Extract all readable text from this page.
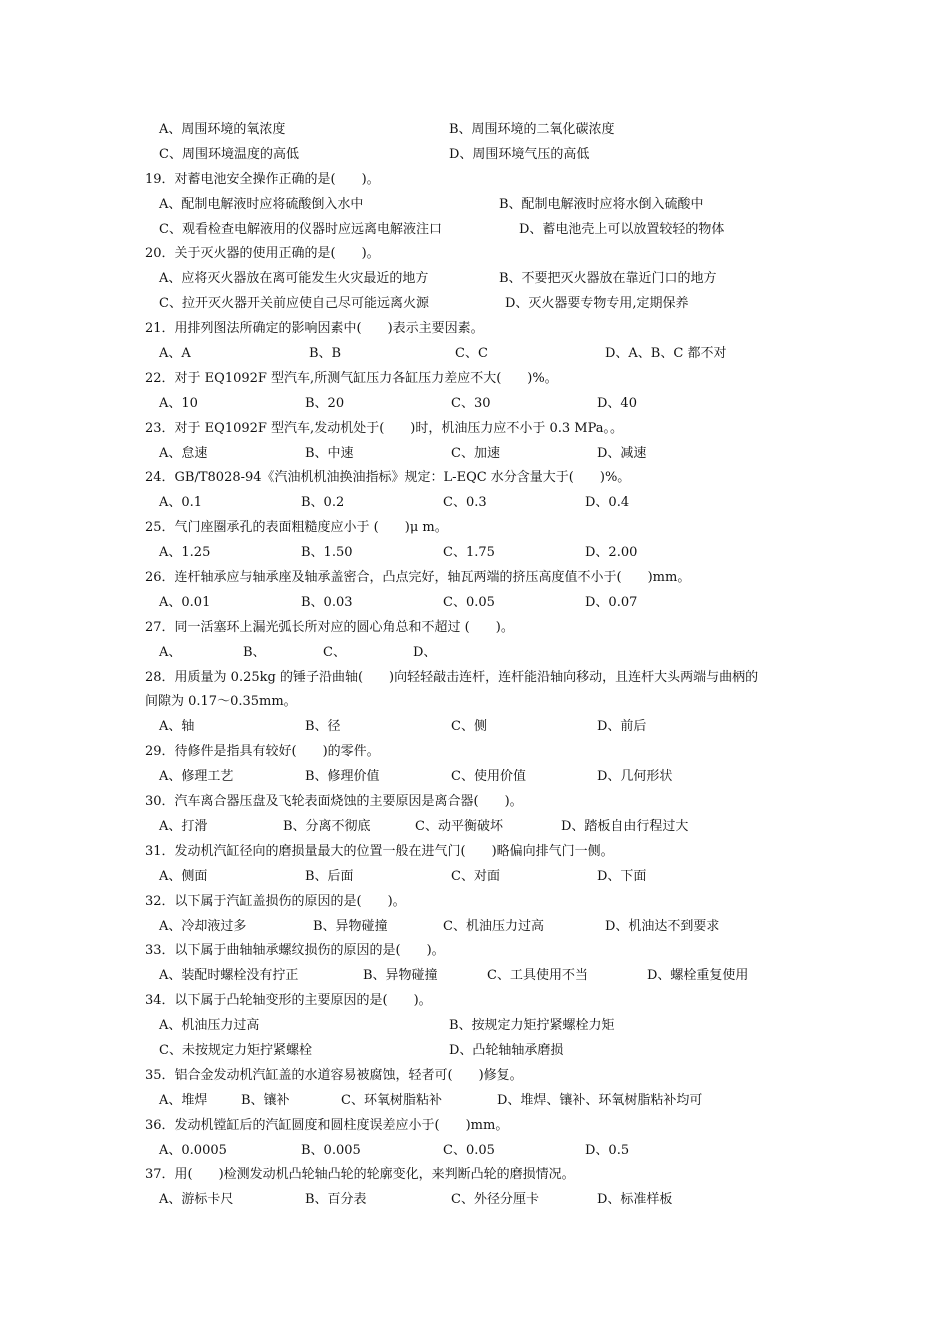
A、周围环境的氧浓度	B、周围环境的二氧化碳浓度
C、周围环境温度的高低	D、周围环境气压的高低
19．对蓄电池安全操作正确的是(　　)。
A、配制电解液时应将硫酸倒入水中	B、配制电解液时应将水倒入硫酸中
C、观看检查电解液用的仪器时应远离电解液注口	D、蓄电池壳上可以放置较轻的物体
20．关于灭火器的使用正确的是(　　)。
A、应将灭火器放在离可能发生火灾最近的地方	B、不要把灭火器放在靠近门口的地方
C、拉开灭火器开关前应使自己尽可能远离火源	D、灭火器要专物专用,定期保养
21．用排列图法所确定的影响因素中(　　)表示主要因素。
A、A	B、B	C、C	D、A、B、C 都不对
22．对于 EQ1092F 型汽车,所测气缸压力各缸压力差应不大(　　)%。
A、10	B、20	C、30	D、40
23．对于 EQ1092F 型汽车,发动机处于(　　)时，机油压力应不小于 0.3 MPa。。
A、怠速	B、中速	C、加速	D、减速
24．GB/T8028-94《汽油机机油换油指标》规定：L-EQC 水分含量大于(　　)%。
A、0.1	B、0.2	C、0.3	D、0.4
25．气门座圈承孔的表面粗糙度应小于 (　　)μ m。
A、1.25	B、1.50	C、1.75	D、2.00
26．连杆轴承应与轴承座及轴承盖密合，凸点完好，轴瓦两端的挤压高度值不小于(　　)mm。
A、0.01	B、0.03	C、0.05	D、0.07
27．同一活塞环上漏光弧长所对应的圆心角总和不超过 (　　)。
A、	B、	C、	D、
28．用质量为 0.25kg 的锤子沿曲轴(　　)向轻轻敲击连杆，连杆能沿轴向移动，且连杆大头两端与曲柄的
间隙为 0.17～0.35mm。
A、轴	B、径	C、侧	D、前后
29．待修件是指具有较好(　　)的零件。
A、修理工艺	B、修理价值	C、使用价值	D、几何形状
30．汽车离合器压盘及飞轮表面烧蚀的主要原因是离合器(　　)。
A、打滑	B、分离不彻底	C、动平衡破坏	D、踏板自由行程过大
31．发动机汽缸径向的磨损量最大的位置一般在进气门(　　)略偏向排气门一侧。
A、侧面	B、后面	C、对面	D、下面
32．以下属于汽缸盖损伤的原因的是(　　)。
A、冷却液过多	B、异物碰撞	C、机油压力过高	D、机油达不到要求
33．以下属于曲轴轴承螺纹损伤的原因的是(　　)。
A、装配时螺栓没有拧正	B、异物碰撞	C、工具使用不当	D、螺栓重复使用
34．以下属于凸轮轴变形的主要原因的是(　　)。
A、机油压力过高	B、按规定力矩拧紧螺栓力矩
C、未按规定力矩拧紧螺栓	D、凸轮轴轴承磨损
35．铝合金发动机汽缸盖的水道容易被腐蚀，轻者可(　　)修复。
A、堆焊	B、镶补	C、环氧树脂粘补	D、堆焊、镶补、环氧树脂粘补均可
36．发动机镗缸后的汽缸圆度和圆柱度误差应小于(　　)mm。
A、0.0005	B、0.005	C、0.05	D、0.5
37．用(　　)检测发动机凸轮轴凸轮的轮廓变化，来判断凸轮的磨损情况。
A、游标卡尺	B、百分表	C、外径分厘卡	D、标准样板
